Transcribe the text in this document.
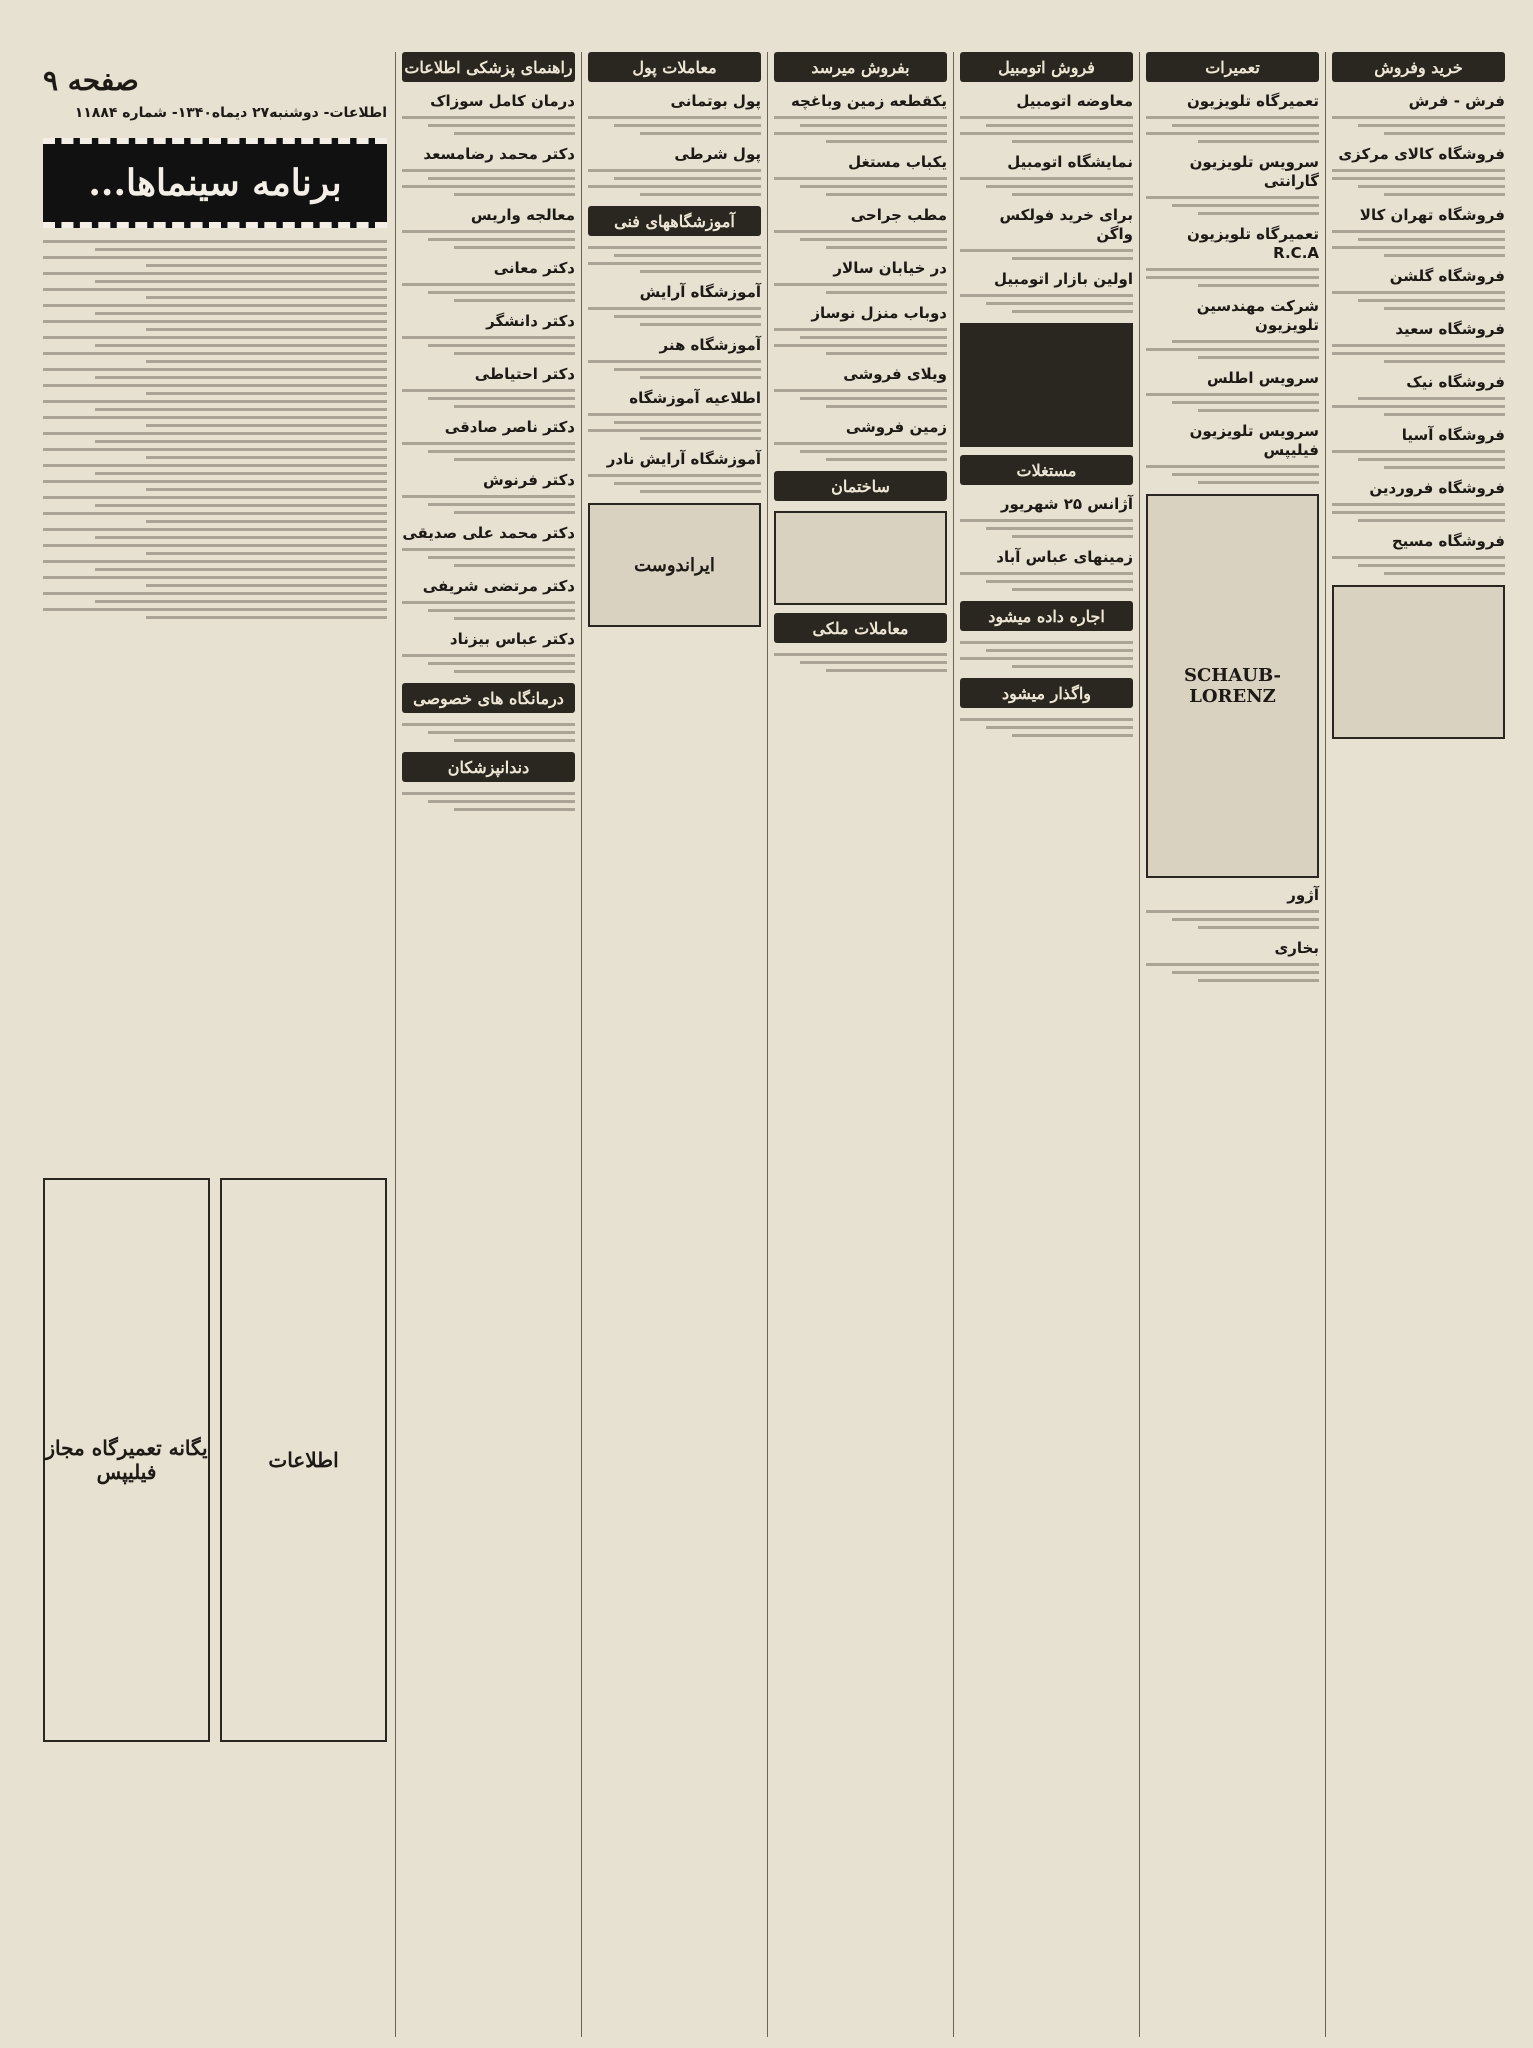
خرید وفروش
فرش - فرش
فروشگاه کالای مرکزی
فروشگاه تهران کالا
فروشگاه گلشن
فروشگاه سعید
فروشگاه نیک
فروشگاه آسیا
فروشگاه فروردین
فروشگاه مسیح
ﾠ
تعمیرات
تعمیرگاه تلویزیون
سرویس تلویزیون گارانتی
تعمیرگاه تلویزیون R.C.A
شرکت مهندسین تلویزیون
سرویس اطلس
سرویس تلویزیون فیلیپس
SCHAUB-LORENZ
آژور
بخاری
فروش اتومبیل
معاوضه اتومبیل
نمایشگاه اتومبیل
برای خرید فولکس واگن
اولین بازار اتومبیل
ﾠ
مستغلات
آژانس ۲۵ شهریور
زمینهای عباس آباد
اجاره داده میشود
واگذار میشود
بفروش میرسد
یکقطعه زمین وباغچه
یکباب مستغل
مطب جراحی
در خیابان سالار
دوباب منزل نوساز
ویلای فروشی
زمین فروشی
ساختمان
ﾠ
معاملات ملکی
معاملات پول
پول بوتمانی
پول شرطی
آموزشگاههای فنی
آموزشگاه آرایش
آموزشگاه هنر
اطلاعیه آموزشگاه
آموزشگاه آرایش نادر
ایراندوست
راهنمای پزشکی اطلاعات
درمان کامل سوزاک
دکتر محمد رضامسعد
معالجه واریس
دکتر معانی
دکتر دانشگر
دکتر احتیاطی
دکتر ناصر صادقی
دکتر فرنوش
دکتر محمد علی صدیقی
دکتر مرتضی شریفی
دکتر عباس بیزناد
درمانگاه های خصوصی
دندانپزشکان
صفحه ۹
اطلاعات- دوشنبه۲۷ دیماه۱۳۴۰- شماره ۱۱۸۸۴
برنامه سینماها...
اطلاعات
یگانه تعمیرگاه مجاز فیلیپس
